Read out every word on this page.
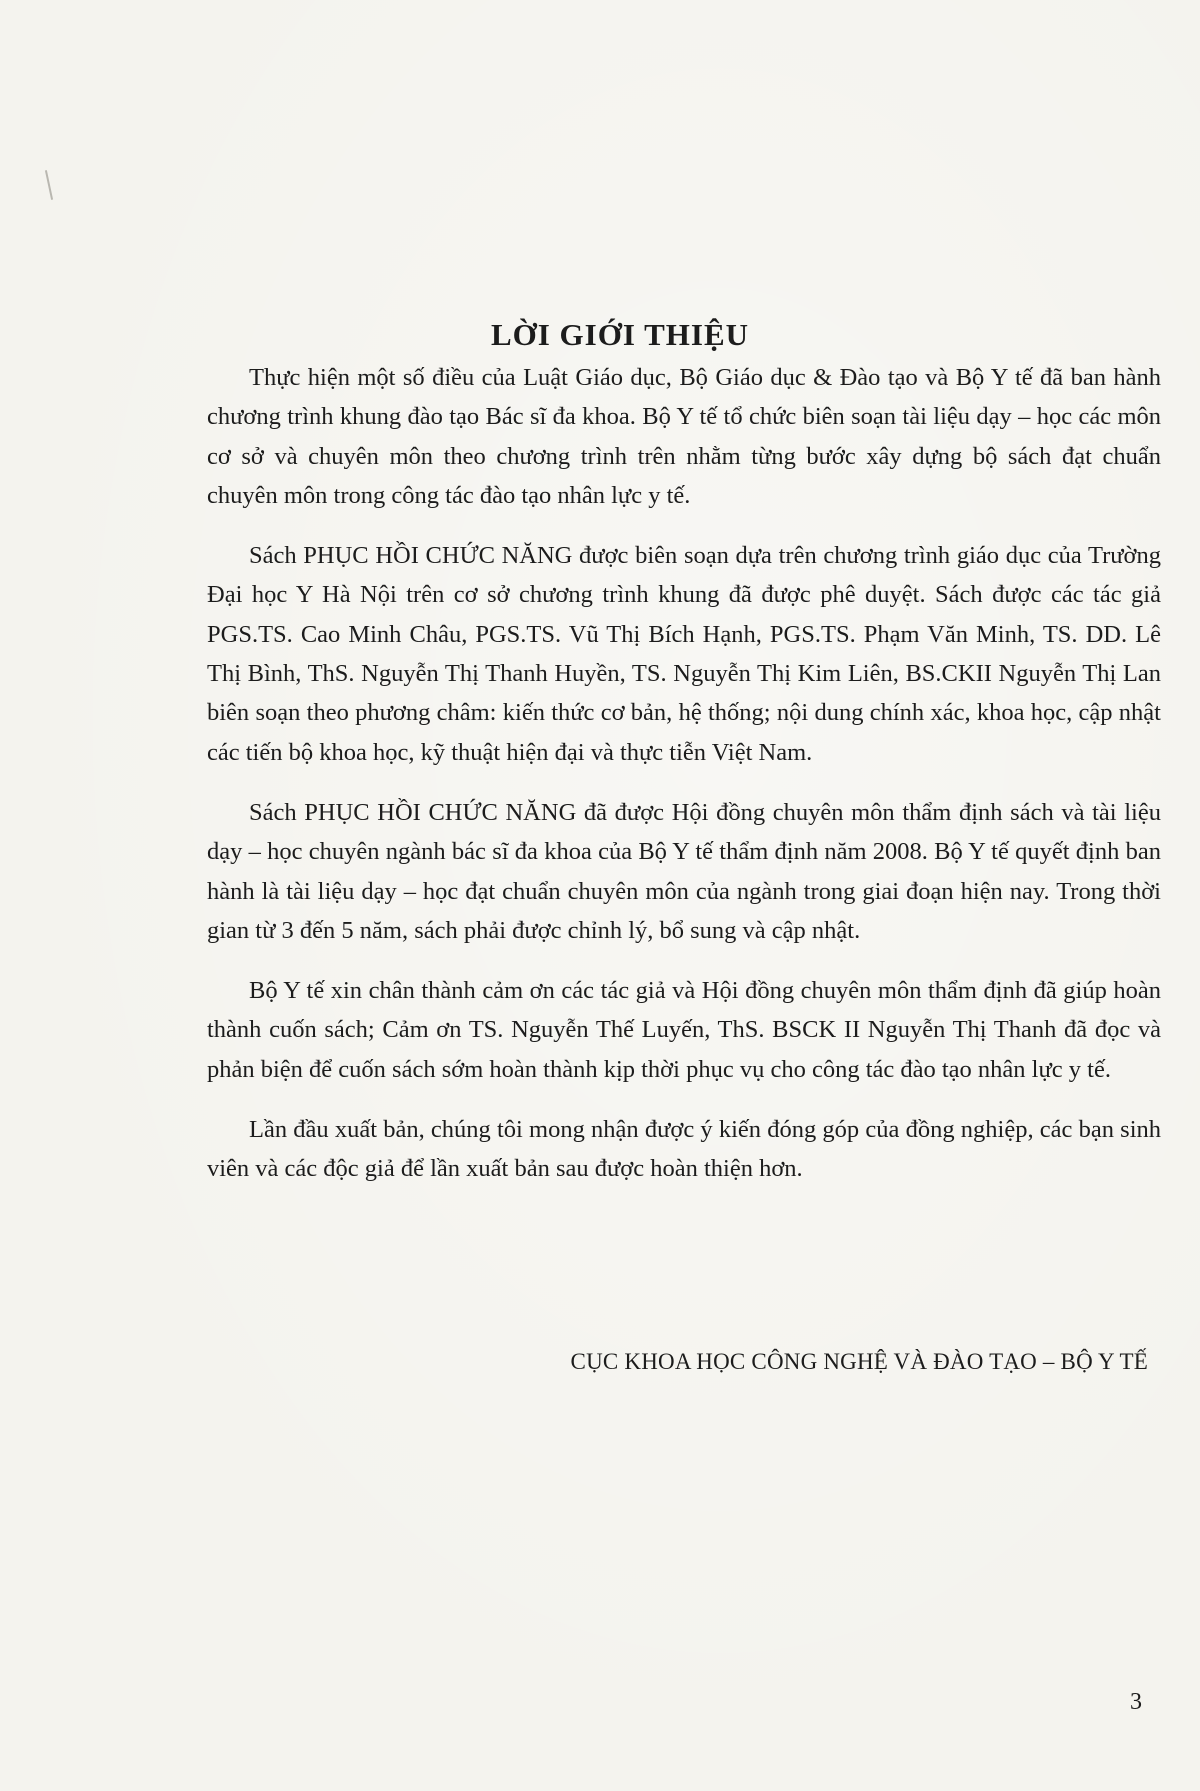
LỜI GIỚI THIỆU

Thực hiện một số điều của Luật Giáo dục, Bộ Giáo dục & Đào tạo và Bộ Y tế đã ban hành chương trình khung đào tạo Bác sĩ đa khoa. Bộ Y tế tổ chức biên soạn tài liệu dạy – học các môn cơ sở và chuyên môn theo chương trình trên nhằm từng bước xây dựng bộ sách đạt chuẩn chuyên môn trong công tác đào tạo nhân lực y tế.

Sách PHỤC HỒI CHỨC NĂNG được biên soạn dựa trên chương trình giáo dục của Trường Đại học Y Hà Nội trên cơ sở chương trình khung đã được phê duyệt. Sách được các tác giả PGS.TS. Cao Minh Châu, PGS.TS. Vũ Thị Bích Hạnh, PGS.TS. Phạm Văn Minh, TS. DD. Lê Thị Bình, ThS. Nguyễn Thị Thanh Huyền, TS. Nguyễn Thị Kim Liên, BS.CKII Nguyễn Thị Lan biên soạn theo phương châm: kiến thức cơ bản, hệ thống; nội dung chính xác, khoa học, cập nhật các tiến bộ khoa học, kỹ thuật hiện đại và thực tiễn Việt Nam.

Sách PHỤC HỒI CHỨC NĂNG đã được Hội đồng chuyên môn thẩm định sách và tài liệu dạy – học chuyên ngành bác sĩ đa khoa của Bộ Y tế thẩm định năm 2008. Bộ Y tế quyết định ban hành là tài liệu dạy – học đạt chuẩn chuyên môn của ngành trong giai đoạn hiện nay. Trong thời gian từ 3 đến 5 năm, sách phải được chỉnh lý, bổ sung và cập nhật.

Bộ Y tế xin chân thành cảm ơn các tác giả và Hội đồng chuyên môn thẩm định đã giúp hoàn thành cuốn sách; Cảm ơn TS. Nguyễn Thế Luyến, ThS. BSCK II Nguyễn Thị Thanh đã đọc và phản biện để cuốn sách sớm hoàn thành kịp thời phục vụ cho công tác đào tạo nhân lực y tế.

Lần đầu xuất bản, chúng tôi mong nhận được ý kiến đóng góp của đồng nghiệp, các bạn sinh viên và các độc giả để lần xuất bản sau được hoàn thiện hơn.

CỤC KHOA HỌC CÔNG NGHỆ VÀ ĐÀO TẠO – BỘ Y TẾ
3
